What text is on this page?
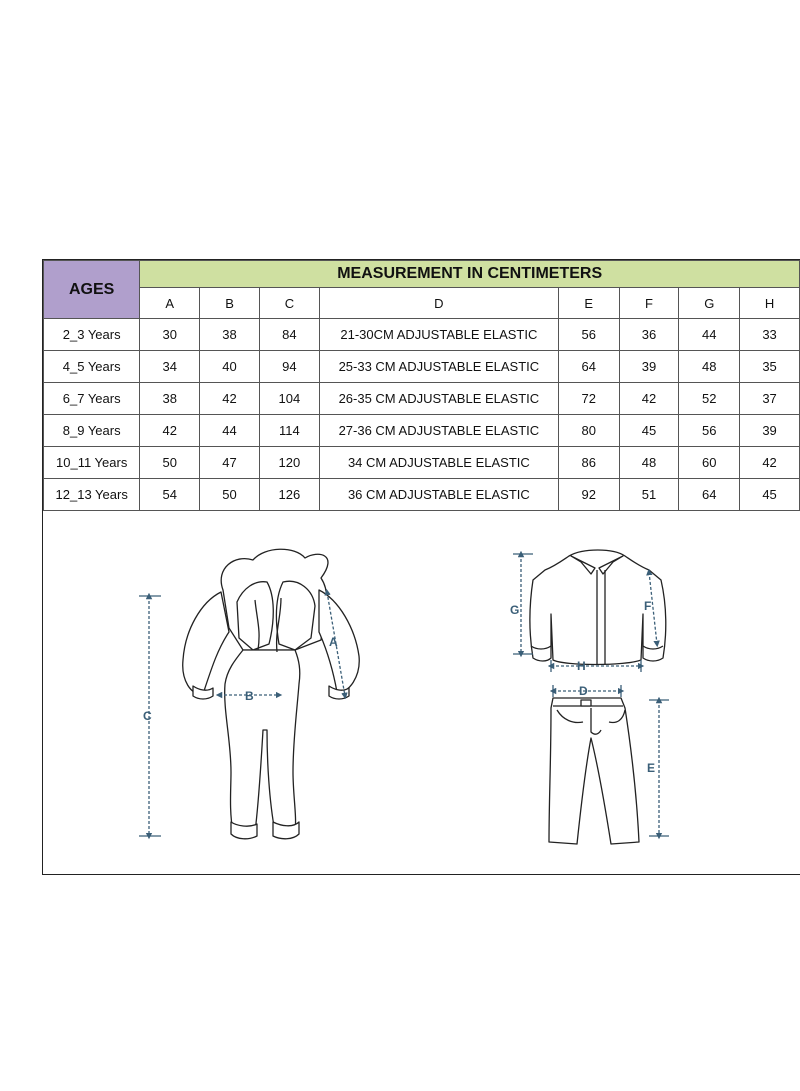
AGES	MEASUREMENT IN CENTIMETERS							
	A	B	C	D	E	F	G	H
2_3 Years	30	38	84	21-30CM ADJUSTABLE ELASTIC	56	36	44	33
4_5 Years	34	40	94	25-33 CM ADJUSTABLE ELASTIC	64	39	48	35
6_7 Years	38	42	104	26-35 CM ADJUSTABLE ELASTIC	72	42	52	37
8_9 Years	42	44	114	27-36 CM ADJUSTABLE ELASTIC	80	45	56	39
10_11 Years	50	47	120	34 CM ADJUSTABLE ELASTIC	86	48	60	42
12_13 Years	54	50	126	36 CM ADJUSTABLE ELASTIC	92	51	64	45
A
B
C
D
E
F
G
H
